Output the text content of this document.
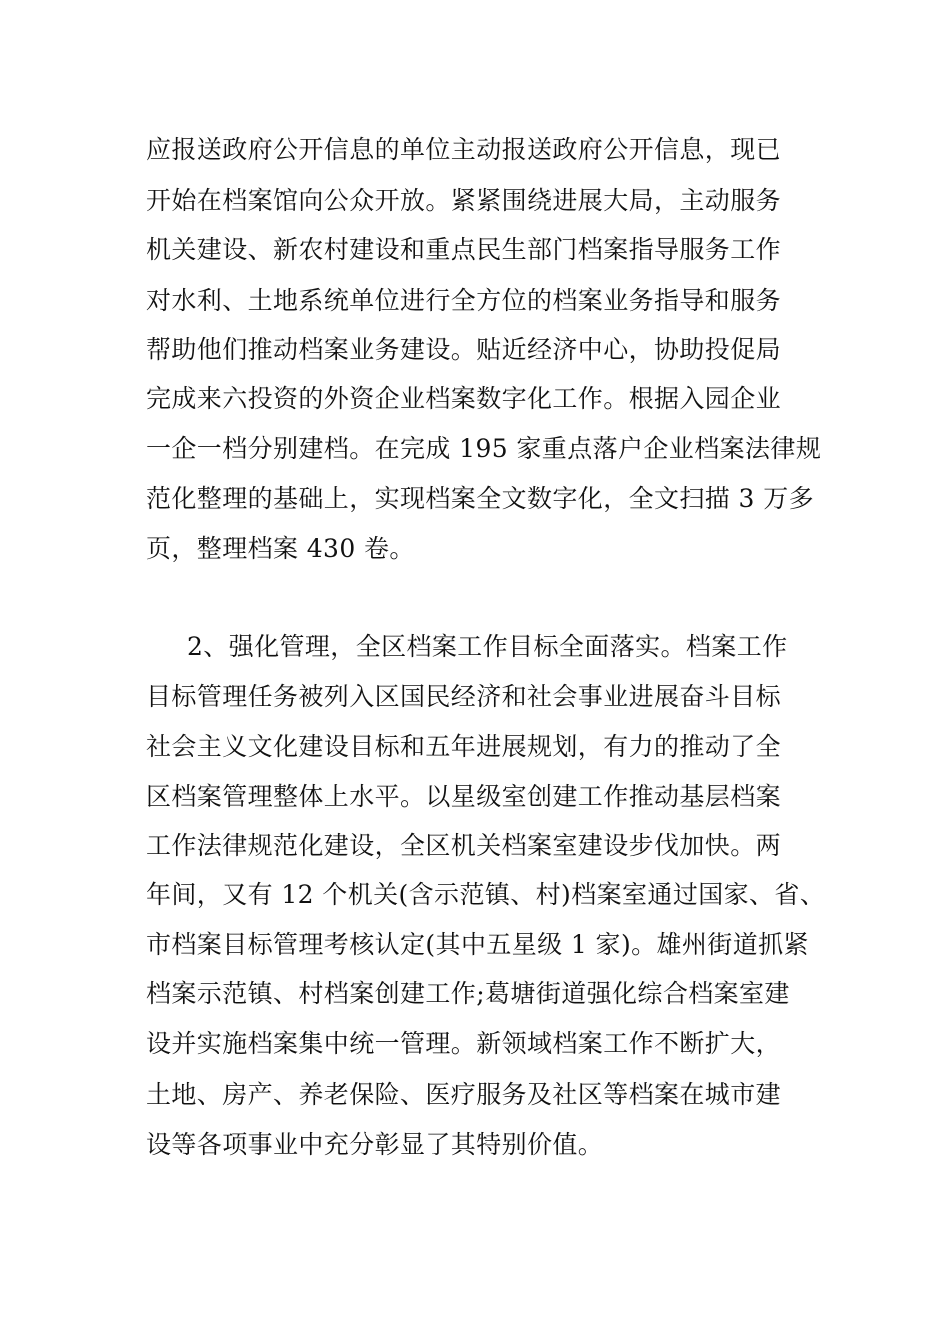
应报送政府公开信息的单位主动报送政府公开信息，现已
开始在档案馆向公众开放。紧紧围绕进展大局，主动服务
机关建设、新农村建设和重点民生部门档案指导服务工作
对水利、土地系统单位进行全方位的档案业务指导和服务
帮助他们推动档案业务建设。贴近经济中心，协助投促局
完成来六投资的外资企业档案数字化工作。根据入园企业
一企一档分别建档。在完成 195 家重点落户企业档案法律规
范化整理的基础上，实现档案全文数字化，全文扫描 3 万多
页，整理档案 430 卷。
2、强化管理，全区档案工作目标全面落实。档案工作
目标管理任务被列入区国民经济和社会事业进展奋斗目标
社会主义文化建设目标和五年进展规划，有力的推动了全
区档案管理整体上水平。以星级室创建工作推动基层档案
工作法律规范化建设，全区机关档案室建设步伐加快。两
年间，又有 12 个机关(含示范镇、村)档案室通过国家、省、
市档案目标管理考核认定(其中五星级 1 家)。雄州街道抓紧
档案示范镇、村档案创建工作;葛塘街道强化综合档案室建
设并实施档案集中统一管理。新领域档案工作不断扩大，
土地、房产、养老保险、医疗服务及社区等档案在城市建
设等各项事业中充分彰显了其特别价值。
